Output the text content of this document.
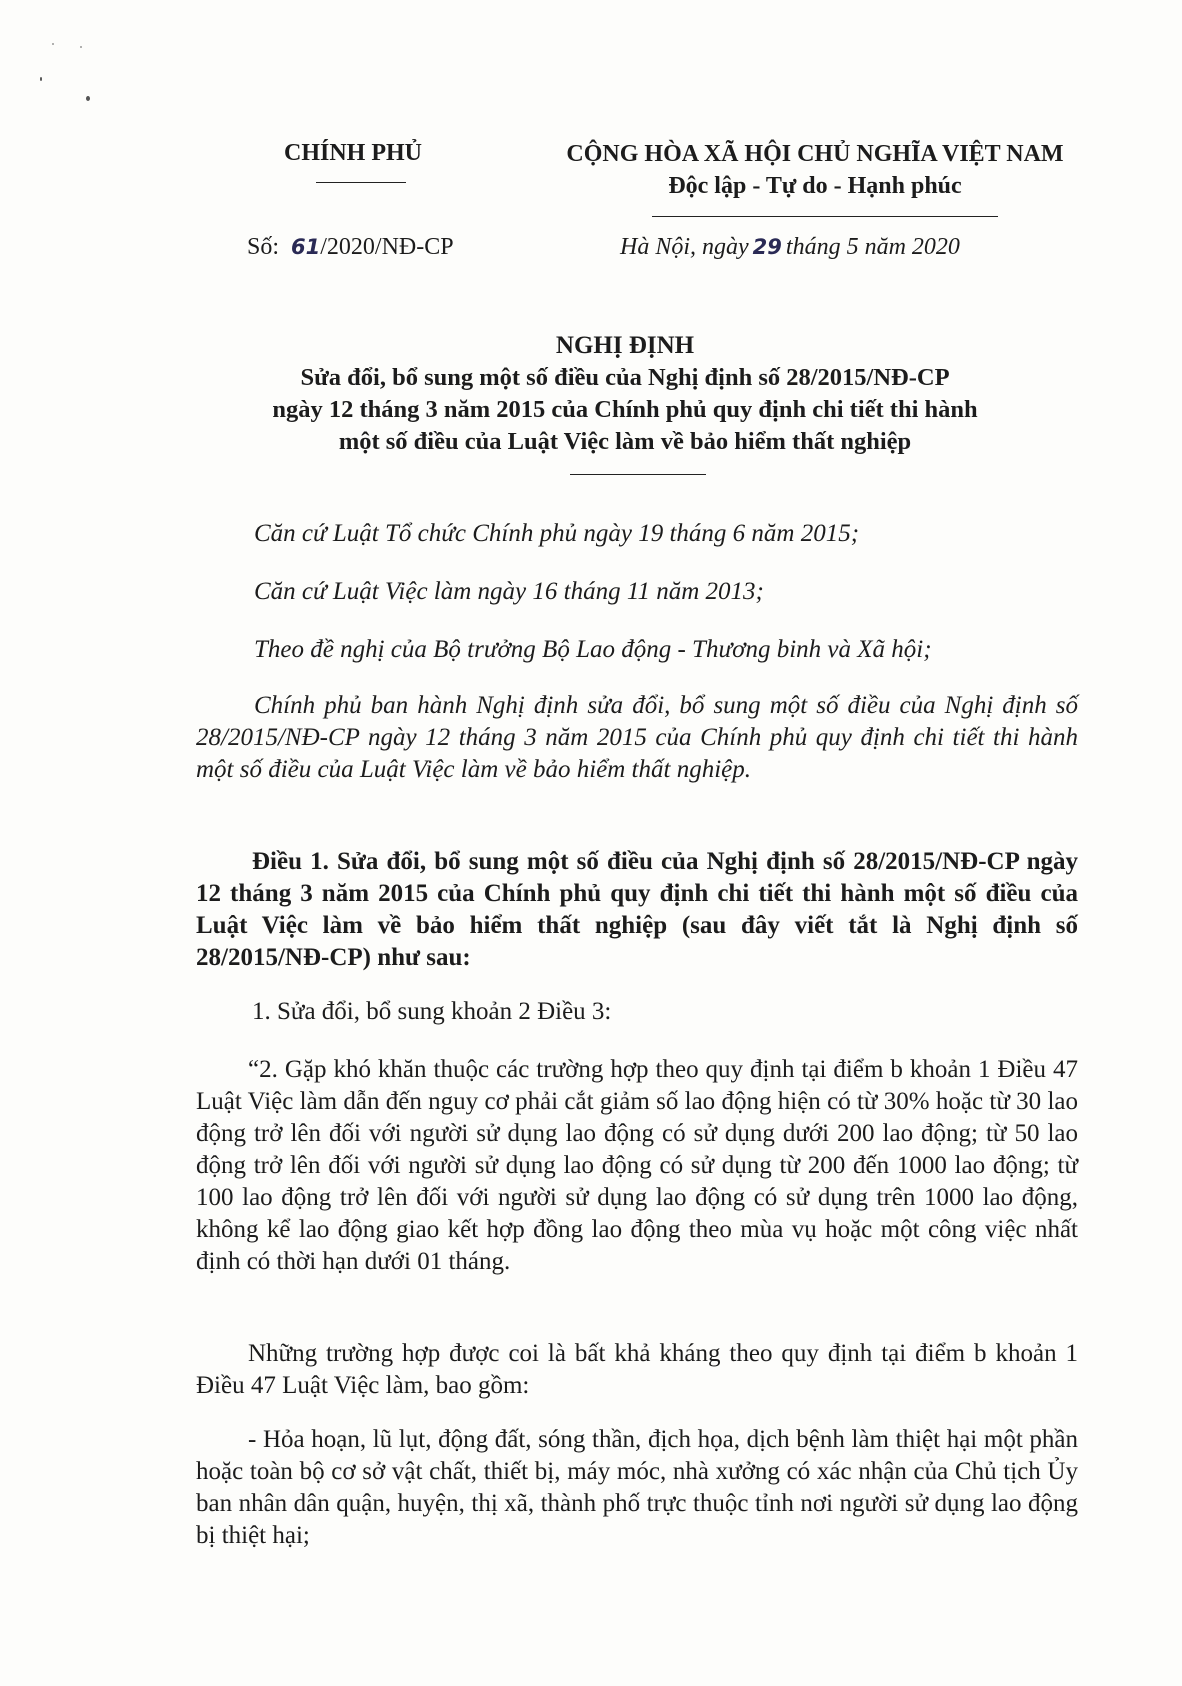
CHÍNH PHỦ	CỘNG HÒA XÃ HỘI CHỦ NGHĨA VIỆT NAM
Độc lập - Tự do - Hạnh phúc
Số: 61/2020/NĐ-CP	Hà Nội, ngày 29 tháng 5 năm 2020
NGHỊ ĐỊNH
Sửa đổi, bổ sung một số điều của Nghị định số 28/2015/NĐ-CP
ngày 12 tháng 3 năm 2015 của Chính phủ quy định chi tiết thi hành
một số điều của Luật Việc làm về bảo hiểm thất nghiệp
Căn cứ Luật Tổ chức Chính phủ ngày 19 tháng 6 năm 2015;
Căn cứ Luật Việc làm ngày 16 tháng 11 năm 2013;
Theo đề nghị của Bộ trưởng Bộ Lao động - Thương binh và Xã hội;
Chính phủ ban hành Nghị định sửa đổi, bổ sung một số điều của Nghị định số 28/2015/NĐ-CP ngày 12 tháng 3 năm 2015 của Chính phủ quy định chi tiết thi hành một số điều của Luật Việc làm về bảo hiểm thất nghiệp.
Điều 1. Sửa đổi, bổ sung một số điều của Nghị định số 28/2015/NĐ-CP ngày 12 tháng 3 năm 2015 của Chính phủ quy định chi tiết thi hành một số điều của Luật Việc làm về bảo hiểm thất nghiệp (sau đây viết tắt là Nghị định số 28/2015/NĐ-CP) như sau:
1. Sửa đổi, bổ sung khoản 2 Điều 3:
“2. Gặp khó khăn thuộc các trường hợp theo quy định tại điểm b khoản 1 Điều 47 Luật Việc làm dẫn đến nguy cơ phải cắt giảm số lao động hiện có từ 30% hoặc từ 30 lao động trở lên đối với người sử dụng lao động có sử dụng dưới 200 lao động; từ 50 lao động trở lên đối với người sử dụng lao động có sử dụng từ 200 đến 1000 lao động; từ 100 lao động trở lên đối với người sử dụng lao động có sử dụng trên 1000 lao động, không kể lao động giao kết hợp đồng lao động theo mùa vụ hoặc một công việc nhất định có thời hạn dưới 01 tháng.
Những trường hợp được coi là bất khả kháng theo quy định tại điểm b khoản 1 Điều 47 Luật Việc làm, bao gồm:
- Hỏa hoạn, lũ lụt, động đất, sóng thần, địch họa, dịch bệnh làm thiệt hại một phần hoặc toàn bộ cơ sở vật chất, thiết bị, máy móc, nhà xưởng có xác nhận của Chủ tịch Ủy ban nhân dân quận, huyện, thị xã, thành phố trực thuộc tỉnh nơi người sử dụng lao động bị thiệt hại;
